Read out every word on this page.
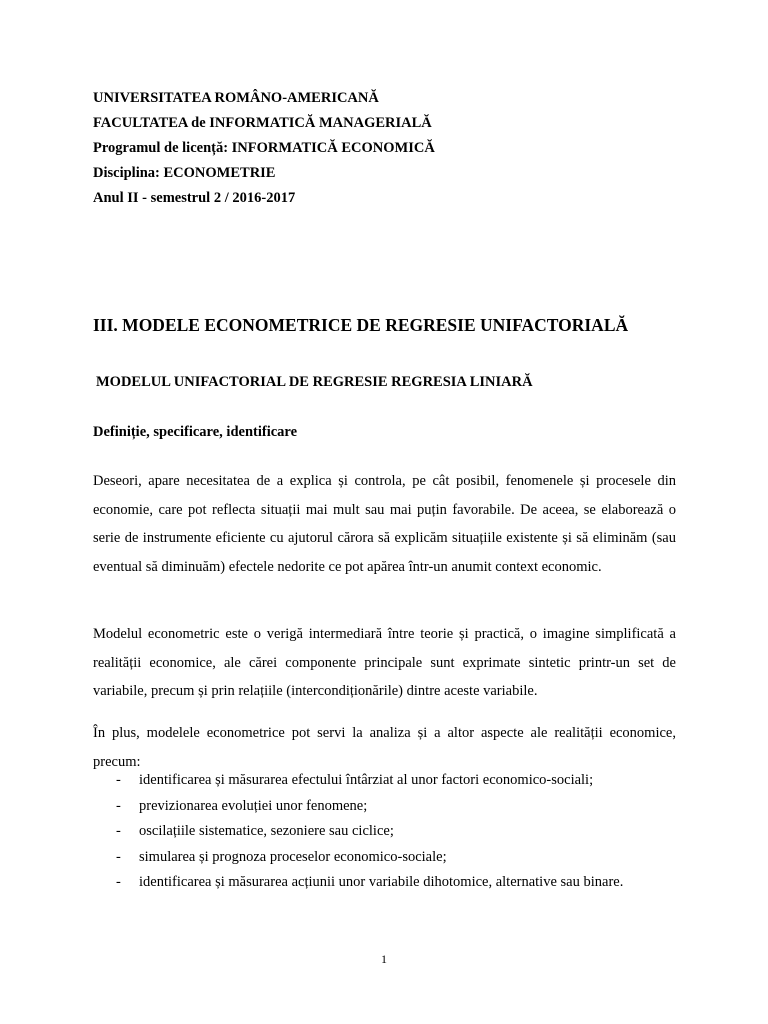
UNIVERSITATEA ROMÂNO-AMERICANĂ
FACULTATEA de INFORMATICĂ MANAGERIALĂ
Programul de licență: INFORMATICĂ ECONOMICĂ
Disciplina: ECONOMETRIE
Anul II - semestrul 2 / 2016-2017
III. MODELE ECONOMETRICE DE REGRESIE UNIFACTORIALĂ
MODELUL UNIFACTORIAL DE REGRESIE REGRESIA LINIARĂ
Definiție, specificare, identificare
Deseori, apare necesitatea de a explica și controla, pe cât posibil, fenomenele și procesele din economie, care pot reflecta situații mai mult sau mai puțin favorabile. De aceea, se elaborează o serie de instrumente eficiente cu ajutorul cărora să explicăm situațiile existente și să eliminăm (sau eventual să diminuăm) efectele nedorite ce pot apărea într-un anumit context economic.
Modelul econometric este o verigă intermediară între teorie și practică, o imagine simplificată a realității economice, ale cărei componente principale sunt exprimate sintetic printr-un set de variabile, precum și prin relațiile (intercondiționările) dintre aceste variabile.
În plus, modelele econometrice pot servi la analiza și a altor aspecte ale realității economice, precum:
- identificarea și măsurarea efectului întârziat al unor factori economico-sociali;
- previzionarea evoluției unor fenomene;
- oscilațiile sistematice, sezoniere sau ciclice;
- simularea și prognoza proceselor economico-sociale;
- identificarea și măsurarea acțiunii unor variabile dihotomice, alternative sau binare.
1
